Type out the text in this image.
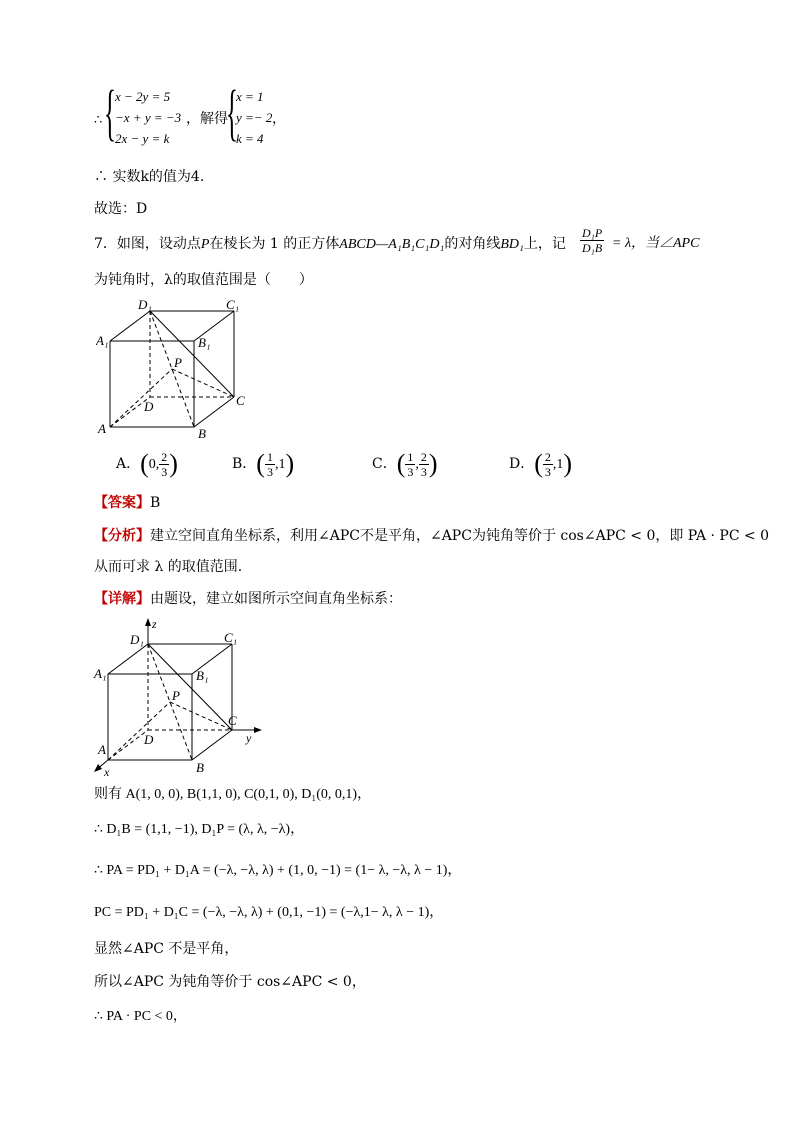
∴ { x − 2y = 5
−x + y = −3
2x − y = k
，解得
{
x = 1
y =− 2
k = 4
，
∴ 实数k的值为4．
故选：D
7．如图，设动点P在棱长为 1 的正方体ABCD—A₁B₁C₁D₁的对角线BD₁上，记 $\frac{\text{D₁P}}{\text{D₁B}} = \lambda$，当∠APC
为钝角时，λ的取值范围是（　　）
D₁	C₁
A₁	B₁
P
D	C
A	B
A．(0, $\frac{2}{3}$ )	B．( $\frac{1}{3} ,1$)	C．( $\frac{1}{3}$ , $\frac{2}{3}$ )	D．( $\frac{2}{3} ,1$)
【答案】B
【分析】建立空间直角坐标系，利用∠APC不是平角，∠APC为钝角等价于 cos∠APC < 0，即 PA · PC < 0
从而可求 λ 的取值范围.
【详解】由题设，建立如图所示空间直角坐标系：
z
y
x
D₁	C₁
A₁	B₁
P
D
C
A
B
则有 A(1, 0, 0), B(1,1, 0), C(0,1, 0), D₁(0, 0,1)，
∴ D₁B = (1,1, −1), D₁P = (λ, λ, −λ)，
∴ PA = PD₁ + D₁A = (−λ, −λ, λ) + (1, 0, −1) = (1− λ, −λ, λ − 1)，
PC = PD₁ + D₁C = (−λ, −λ, λ) + (0,1, −1) = (−λ,1− λ, λ − 1)，
显然∠APC 不是平角，
所以∠APC 为钝角等价于 cos∠APC < 0，
∴ PA · PC < 0，
